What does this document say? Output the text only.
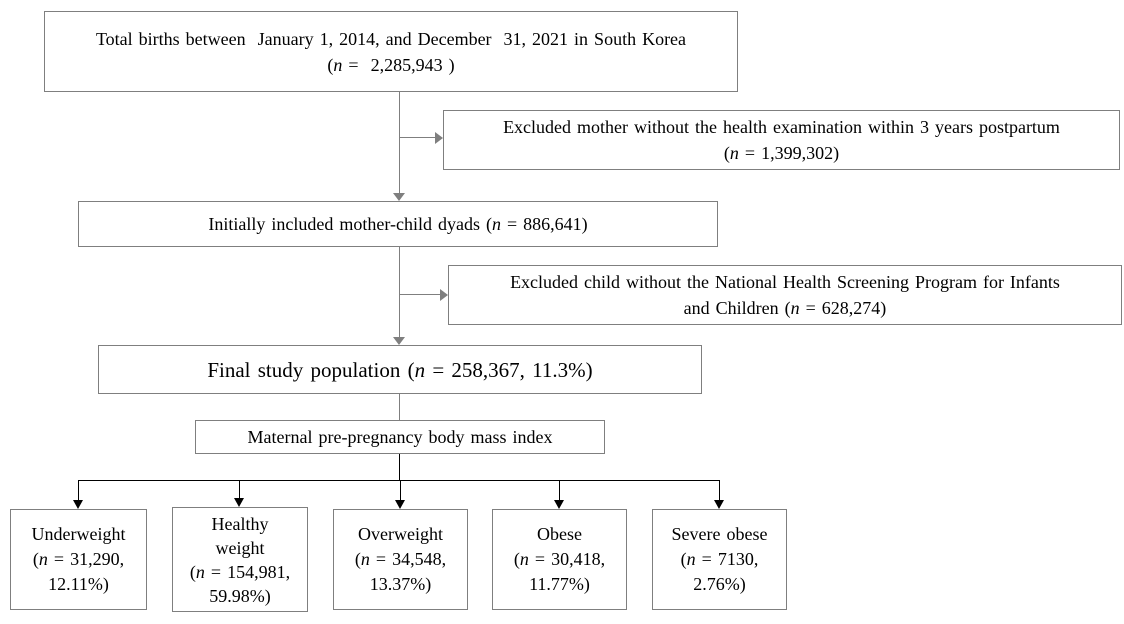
Total births between  January 1, 2014, and December  31, 2021 in South Korea
(n =  2,285,943 )
Excluded mother without the health examination within 3 years postpartum
(n = 1,399,302)
Initially included mother-child dyads (n = 886,641)
Excluded child without the National Health Screening Program for Infants
and Children (n = 628,274)
Final study population (n = 258,367, 11.3%)
Maternal pre-pregnancy body mass index
Underweight
(n = 31,290,
12.11%)
Healthy
weight
(n = 154,981,
59.98%)
Overweight
(n = 34,548,
13.37%)
Obese
(n = 30,418,
11.77%)
Severe obese
(n = 7130,
2.76%)
